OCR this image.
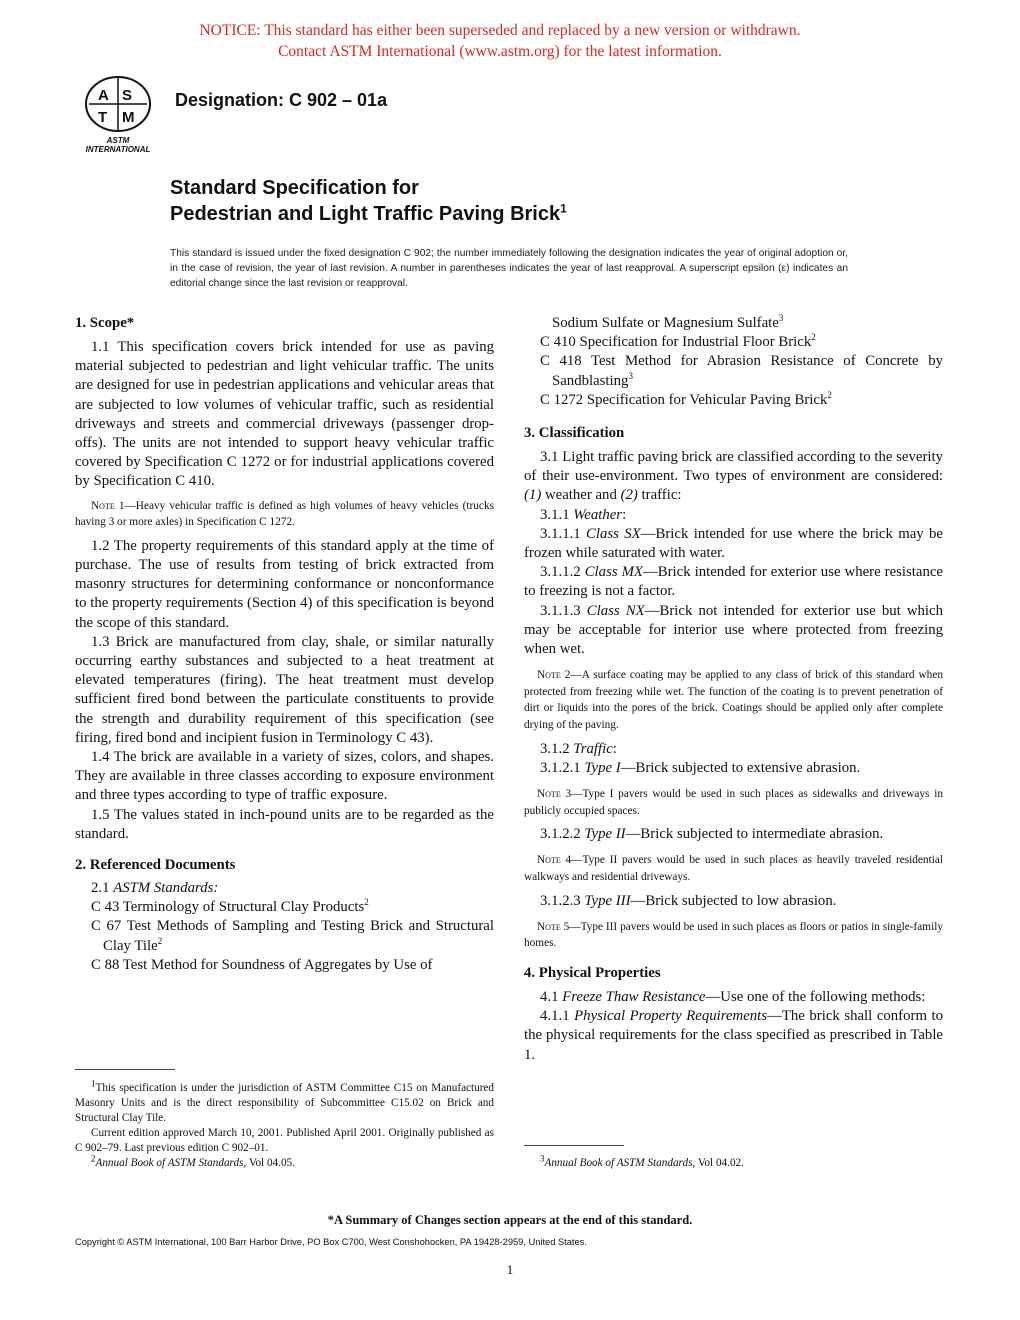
NOTICE: This standard has either been superseded and replaced by a new version or withdrawn.
Contact ASTM International (www.astm.org) for the latest information.
A S
T M
ASTM INTERNATIONAL
Designation: C 902 – 01a
Standard Specification for
Pedestrian and Light Traffic Paving Brick$^1$
This standard is issued under the fixed designation C 902; the number immediately following the designation indicates the year of original adoption or, in the case of revision, the year of last revision. A number in parentheses indicates the year of last reapproval. A superscript epsilon (ε) indicates an editorial change since the last revision or reapproval.
1. Scope*

1.1 This specification covers brick intended for use as paving material subjected to pedestrian and light vehicular traffic. The units are designed for use in pedestrian applications and vehicular areas that are subjected to low volumes of vehicular traffic, such as residential driveways and streets and commercial driveways (passenger drop-offs). The units are not intended to support heavy vehicular traffic covered by Specification C 1272 or for industrial applications covered by Specification C 410.

Note 1—Heavy vehicular traffic is defined as high volumes of heavy vehicles (trucks having 3 or more axles) in Specification C 1272.

1.2 The property requirements of this standard apply at the time of purchase. The use of results from testing of brick extracted from masonry structures for determining conformance or nonconformance to the property requirements (Section 4) of this specification is beyond the scope of this standard.

1.3 Brick are manufactured from clay, shale, or similar naturally occurring earthy substances and subjected to a heat treatment at elevated temperatures (firing). The heat treatment must develop sufficient fired bond between the particulate constituents to provide the strength and durability requirement of this specification (see firing, fired bond and incipient fusion in Terminology C 43).

1.4 The brick are available in a variety of sizes, colors, and shapes. They are available in three classes according to exposure environment and three types according to type of traffic exposure.

1.5 The values stated in inch-pound units are to be regarded as the standard.

2. Referenced Documents

2.1 ASTM Standards:

C 43 Terminology of Structural Clay Products$^2$

C 67 Test Methods of Sampling and Testing Brick and Structural Clay Tile$^2$

C 88 Test Method for Soundness of Aggregates by Use of

$^1$This specification is under the jurisdiction of ASTM Committee C15 on Manufactured Masonry Units and is the direct responsibility of Subcommittee C15.02 on Brick and Structural Clay Tile.

Current edition approved March 10, 2001. Published April 2001. Originally published as C 902–79. Last previous edition C 902–01.

$^2$Annual Book of ASTM Standards, Vol 04.05.

Sodium Sulfate or Magnesium Sulfate$^3$

C 410 Specification for Industrial Floor Brick$^2$

C 418 Test Method for Abrasion Resistance of Concrete by Sandblasting$^3$

C 1272 Specification for Vehicular Paving Brick$^2$

3. Classification

3.1 Light traffic paving brick are classified according to the severity of their use-environment. Two types of environment are considered: (1) weather and (2) traffic:

3.1.1 Weather:

3.1.1.1 Class SX—Brick intended for use where the brick may be frozen while saturated with water.

3.1.1.2 Class MX—Brick intended for exterior use where resistance to freezing is not a factor.

3.1.1.3 Class NX—Brick not intended for exterior use but which may be acceptable for interior use where protected from freezing when wet.

Note 2—A surface coating may be applied to any class of brick of this standard when protected from freezing while wet. The function of the coating is to prevent penetration of dirt or liquids into the pores of the brick. Coatings should be applied only after complete drying of the paving.

3.1.2 Traffic:

3.1.2.1 Type I—Brick subjected to extensive abrasion.

Note 3—Type I pavers would be used in such places as sidewalks and driveways in publicly occupied spaces.

3.1.2.2 Type II—Brick subjected to intermediate abrasion.

Note 4—Type II pavers would be used in such places as heavily traveled residential walkways and residential driveways.

3.1.2.3 Type III—Brick subjected to low abrasion.

Note 5—Type III pavers would be used in such places as floors or patios in single-family homes.

4. Physical Properties

4.1 Freeze Thaw Resistance—Use one of the following methods:

4.1.1 Physical Property Requirements—The brick shall conform to the physical requirements for the class specified as prescribed in Table 1.

$^3$Annual Book of ASTM Standards, Vol 04.02.

*A Summary of Changes section appears at the end of this standard.
Copyright © ASTM International, 100 Barr Harbor Drive, PO Box C700, West Conshohocken, PA 19428-2959, United States.
1
